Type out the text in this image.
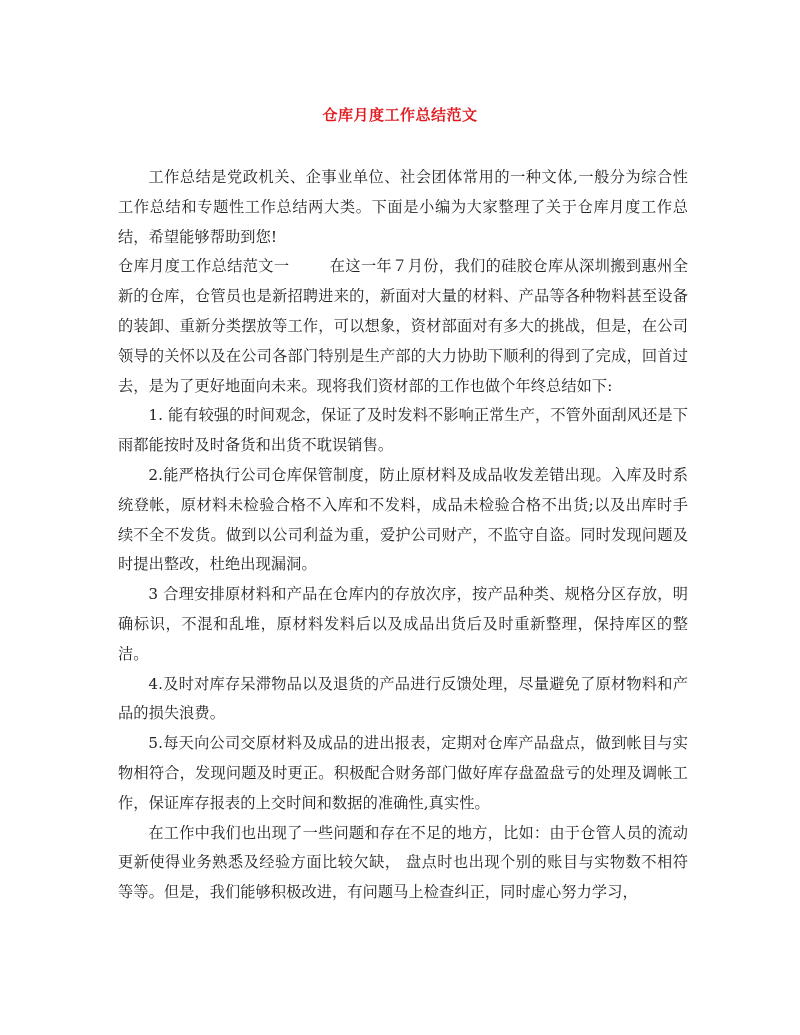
仓库月度工作总结范文

工作总结是党政机关、企事业单位、社会团体常用的一种文体,一般分为综合性工作总结和专题性工作总结两大类。下面是小编为大家整理了关于仓库月度工作总结，希望能够帮助到您!

仓库月度工作总结范文一	在这一年７月份，我们的硅胶仓库从深圳搬到惠州全新的仓库，仓管员也是新招聘进来的，新面对大量的材料、产品等各种物料甚至设备的装卸、重新分类摆放等工作，可以想象，资材部面对有多大的挑战，但是，在公司领导的关怀以及在公司各部门特别是生产部的大力协助下顺利的得到了完成，回首过去，是为了更好地面向未来。现将我们资材部的工作也做个年终总结如下:

1. 能有较强的时间观念，保证了及时发料不影响正常生产，不管外面刮风还是下雨都能按时及时备货和出货不耽误销售。

2.能严格执行公司仓库保管制度，防止原材料及成品收发差错出现。入库及时系统登帐，原材料未检验合格不入库和不发料，成品未检验合格不出货;以及出库时手续不全不发货。做到以公司利益为重，爱护公司财产，不监守自盗。同时发现问题及时提出整改，杜绝出现漏洞。

3 合理安排原材料和产品在仓库内的存放次序，按产品种类、规格分区存放，明确标识，不混和乱堆，原材料发料后以及成品出货后及时重新整理，保持库区的整洁。

4.及时对库存呆滞物品以及退货的产品进行反馈处理，尽量避免了原材物料和产品的损失浪费。

5.每天向公司交原材料及成品的进出报表，定期对仓库产品盘点，做到帐目与实物相符合，发现问题及时更正。积极配合财务部门做好库存盘盈盘亏的处理及调帐工作，保证库存报表的上交时间和数据的准确性,真实性。

在工作中我们也出现了一些问题和存在不足的地方，比如：由于仓管人员的流动更新使得业务熟悉及经验方面比较欠缺， 盘点时也出现个别的账目与实物数不相符等等。但是，我们能够积极改进，有问题马上检查纠正，同时虚心努力学习，
